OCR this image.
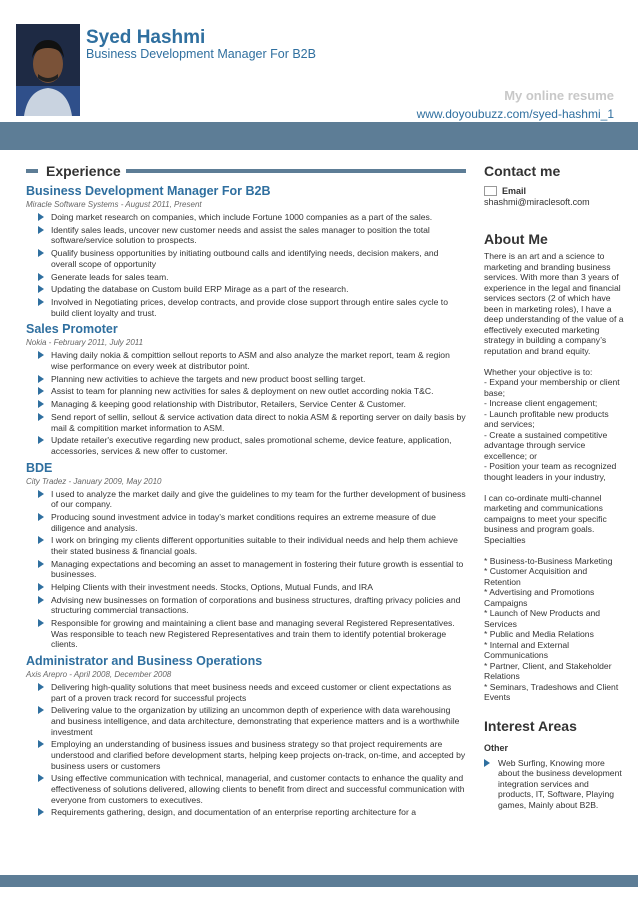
Syed Hashmi
Business Development Manager For B2B
My online resume
www.doyoubuzz.com/syed-hashmi_1
Experience
Business Development Manager For B2B
Miracle Software Systems - August 2011, Present
Doing market research on companies, which include Fortune 1000 companies as a part of the sales.
Identify sales leads, uncover new customer needs and assist the sales manager to position the total software/service solution to prospects.
Qualify business opportunities by initiating outbound calls and identifying needs, decision makers, and overall scope of opportunity
Generate leads for sales team.
Updating the database on Custom build ERP Mirage as a part of the research.
Involved in Negotiating prices, develop contracts, and provide close support through entire sales cycle to build client loyalty and trust.
Sales Promoter
Nokia - February 2011, July 2011
Having daily nokia & compittion sellout reports to ASM and also analyze the market report, team & region wise performance on every week at distributor point.
Planning new activities to achieve the targets and new product boost selling target.
Assist to team for planning new activities for sales & deployment on new outlet according nokia T&C.
Managing & keeping good relationship with Distributor, Retailers, Service Center & Customer.
Send report of sellin, sellout & service activation data direct to nokia ASM & reporting server on daily basis by mail & compitition market information to ASM.
Update retailer's executive regarding new product, sales promotional scheme, device feature, application, accessories, services & new offer to customer.
BDE
City Tradez - January 2009, May 2010
I used to analyze the market daily and give the guidelines to my team for the further development of business of our company.
Producing sound investment advice in today’s market conditions requires an extreme measure of due diligence and analysis.
I work on bringing my clients different opportunities suitable to their individual needs and help them achieve their stated business & financial goals.
Managing expectations and becoming an asset to management in fostering their future growth is essential to businesses.
Helping Clients with their investment needs. Stocks, Options, Mutual Funds, and IRA
Advising new businesses on formation of corporations and business structures, drafting privacy policies and structuring commercial transactions.
Responsible for growing and maintaining a client base and managing several Registered Representatives. Was responsible to teach new Registered Representatives and train them to identify potential brokerage clients.
Administrator and Business Operations
Axis Arepro - April 2008, December 2008
Delivering high-quality solutions that meet business needs and exceed customer or client expectations as part of a proven track record for successful projects
Delivering value to the organization by utilizing an uncommon depth of experience with data warehousing and business intelligence, and data architecture, demonstrating that experience matters and is a worthwhile investment
Employing an understanding of business issues and business strategy so that project requirements are understood and clarified before development starts, helping keep projects on-track, on-time, and accepted by business users or customers
Using effective communication with technical, managerial, and customer contacts to enhance the quality and effectiveness of solutions delivered, allowing clients to benefit from direct and successful communication with everyone from customers to executives.
Requirements gathering, design, and documentation of an enterprise reporting architecture for a
Contact me
Email
shashmi@miraclesoft.com
About Me
There is an art and a science to marketing and branding business services. With more than 3 years of experience in the legal and financial services sectors (2 of which have been in marketing roles), I have a deep understanding of the value of a effectively executed marketing strategy in building a company’s reputation and brand equity.

Whether your objective is to:
- Expand your membership or client base;
- Increase client engagement;
- Launch profitable new products and services;
- Create a sustained competitive advantage through service excellence; or
- Position your team as recognized thought leaders in your industry,

I can co-ordinate multi-channel marketing and communications campaigns to meet your specific business and program goals.
Specialties

* Business-to-Business Marketing
* Customer Acquisition and Retention
* Advertising and Promotions Campaigns
* Launch of New Products and Services
* Public and Media Relations
* Internal and External Communications
* Partner, Client, and Stakeholder Relations
* Seminars, Tradeshows and Client Events
Interest Areas
Other
Web Surfing, Knowing more about the business development integration services and products, IT, Software, Playing games, Mainly about B2B.
